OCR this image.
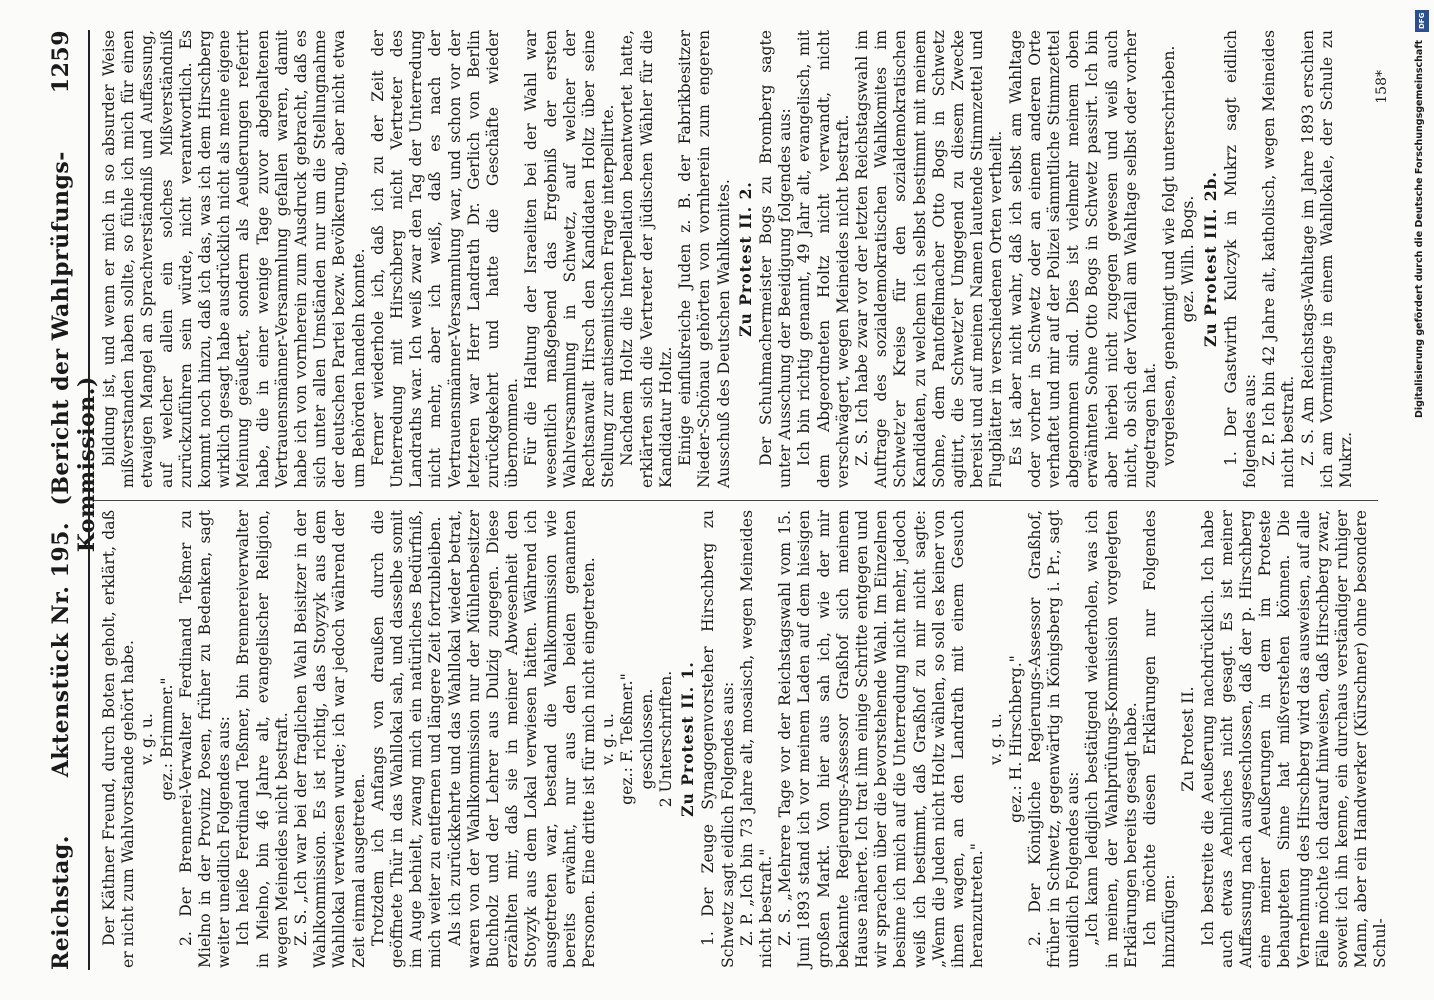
Reichstag.
Aktenstück Nr. 195.  (Bericht der Wahlprüfungs-Kommission.)
1259

Der Käthner Freund, durch Boten geholt, erklärt, daß er nicht zum Wahlvorstande gehört habe. v. g. u. gez.: Brimmer." 2. Der Brennerei-Verwalter Ferdinand Teßmer zu Mielno in der Provinz Posen, früher zu Bedenken, sagt weiter uneidlich Folgendes aus: Ich heiße Ferdinand Teßmer, bin Brennereiverwalter in Mielno, bin 46 Jahre alt, evangelischer Religion, wegen Meineides nicht bestraft. Z. S. „Ich war bei der fraglichen Wahl Beisitzer in der Wahlkommission. Es ist richtig, das Stoyzyk aus dem Wahllokal verwiesen wurde; ich war jedoch während der Zeit einmal ausgetreten. Trotzdem ich Anfangs von draußen durch die geöffnete Thür in das Wahllokal sah, und dasselbe somit im Auge behielt, zwang mich ein natürliches Bedürfniß, mich weiter zu entfernen und längere Zeit fortzubleiben. Als ich zurückkehrte und das Wahllokal wieder betrat, waren von der Wahlkommission nur der Mühlenbesitzer Buchholz und der Lehrer aus Dulzig zugegen. Diese erzählten mir, daß sie in meiner Abwesenheit den Stoyzyk aus dem Lokal verwiesen hätten. Während ich ausgetreten war, bestand die Wahlkommission wie bereits erwähnt, nur aus den beiden genannten Personen. Eine dritte ist für mich nicht eingetreten. v. g. u. gez.: F. Teßmer." geschlossen. 2 Unterschriften. Zu Protest II. 1. 1. Der Zeuge Synagogenvorsteher Hirschberg zu Schwetz sagt eidlich Folgendes aus: Z. P. „Ich bin 73 Jahre alt, mosaisch, wegen Meineides nicht bestraft." Z. S. „Mehrere Tage vor der Reichstagswahl vom 15. Juni 1893 stand ich vor meinem Laden auf dem hiesigen großen Markt. Von hier aus sah ich, wie der mir bekannte Regierungs-Assessor Graßhof sich meinem Hause näherte. Ich trat ihm einige Schritte entgegen und wir sprachen über die bevorstehende Wahl. Im Einzelnen besinne ich mich auf die Unterredung nicht mehr, jedoch weiß ich bestimmt, daß Graßhof zu mir nicht sagte: „Wenn die Juden nicht Holtz wählen, so soll es keiner von ihnen wagen, an den Landrath mit einem Gesuch heranzutreten."

v. g. u. gez.: H. Hirschberg." 2. Der Königliche Regierungs-Assessor Graßhof, früher in Schwetz, gegenwärtig in Königsberg i. Pr., sagt uneidlich Folgendes aus: „Ich kann lediglich bestätigend wiederholen, was ich in meinen, der Wahlprüfungs-Kommission vorgelegten Erklärungen bereits gesagt habe. Ich möchte diesen Erklärungen nur Folgendes hinzufügen:

Zu Protest II. Ich bestreite die Aeußerung nachdrücklich. Ich habe auch etwas Aehnliches nicht gesagt. Es ist meiner Auffassung nach ausgeschlossen, daß der p. Hirschberg eine meiner Aeußerungen in dem im Proteste behaupteten Sinne hat mißverstehen können. Die Vernehmung des Hirschberg wird das ausweisen, auf alle Fälle möchte ich darauf hinweisen, daß Hirschberg zwar, soweit ich ihn kenne, ein durchaus verständiger ruhiger Mann, aber ein Handwerker (Kürschner) ohne besondere Schul-

bildung ist, und wenn er mich in so absurder Weise mißverstanden haben sollte, so fühle ich mich für einen etwaigen Mangel an Sprachverständniß und Auffassung, auf welcher allein ein solches Mißverständniß zurückzuführen sein würde, nicht verantwortlich. Es kommt noch hinzu, daß ich das, was ich dem Hirschberg wirklich gesagt habe ausdrücklich nicht als meine eigene Meinung geäußert, sondern als Aeußerungen referirt habe, die in einer wenige Tage zuvor abgehaltenen Vertrauensmänner-Versammlung gefallen waren, damit habe ich von vornherein zum Ausdruck gebracht, daß es sich unter allen Umständen nur um die Stellungnahme der deutschen Partei bezw. Bevölkerung, aber nicht etwa um Behörden handeln konnte. Ferner wiederhole ich, daß ich zu der Zeit der Unterredung mit Hirschberg nicht Vertreter des Landraths war. Ich weiß zwar den Tag der Unterredung nicht mehr, aber ich weiß, daß es nach der Vertrauensmänner-Versammlung war, und schon vor der letzteren war Herr Landrath Dr. Gerlich von Berlin zurückgekehrt und hatte die Geschäfte wieder übernommen. Für die Haltung der Israeliten bei der Wahl war wesentlich maßgebend das Ergebniß der ersten Wahlversammlung in Schwetz, auf welcher der Rechtsanwalt Hirsch den Kandidaten Holtz über seine Stellung zur antisemitischen Frage interpellirte. Nachdem Holtz die Interpellation beantwortet hatte, erklärten sich die Vertreter der jüdischen Wähler für die Kandidatur Holtz. Einige einflußreiche Juden z. B. der Fabrikbesitzer Nieder-Schönau gehörten von vornherein zum engeren Ausschuß des Deutschen Wahlkomites. Zu Protest II. 2. Der Schuhmachermeister Bogs zu Bromberg sagte unter Ausschung der Beeidigung folgendes aus: Ich bin richtig genannt, 49 Jahr alt, evangelisch, mit dem Abgeordneten Holtz nicht verwandt, nicht verschwägert, wegen Meineides nicht bestraft. Z. S. Ich habe zwar vor der letzten Reichstagswahl im Auftrage des sozialdemokratischen Wahlkomites im Schwetz'er Kreise für den sozialdemokratischen Kandidaten, zu welchem ich selbst bestimmt mit meinem Sohne, dem Pantoffelmacher Otto Bogs in Schwetz agitirt, die Schwetz'er Umgegend zu diesem Zwecke bereist und auf meinen Namen lautende Stimmzettel und Flugblätter in verschiedenen Orten vertheilt. Es ist aber nicht wahr, daß ich selbst am Wahltage oder vorher in Schwetz oder an einem anderen Orte verhaftet und mir auf der Polizei sämmtliche Stimmzettel abgenommen sind. Dies ist vielmehr meinem oben erwähnten Sohne Otto Bogs in Schwetz passirt. Ich bin aber hierbei nicht zugegen gewesen und weiß auch nicht, ob sich der Vorfall am Wahltage selbst oder vorher zugetragen hat. vorgelesen, genehmigt und wie folgt unterschrieben. gez. Wilh. Bogs. Zu Protest III. 2b. 1. Der Gastwirth Kulczyk in Mukrz sagt eidlich folgendes aus: Z. P. Ich bin 42 Jahre alt, katholisch, wegen Meineides nicht bestraft. Z. S. Am Reichstags-Wahltage im Jahre 1893 erschien ich am Vormittage in einem Wahllokale, der Schule zu Mukrz.

158*
DFG
Digitalisierung gefördert durch die Deutsche Forschungsgemeinschaft
